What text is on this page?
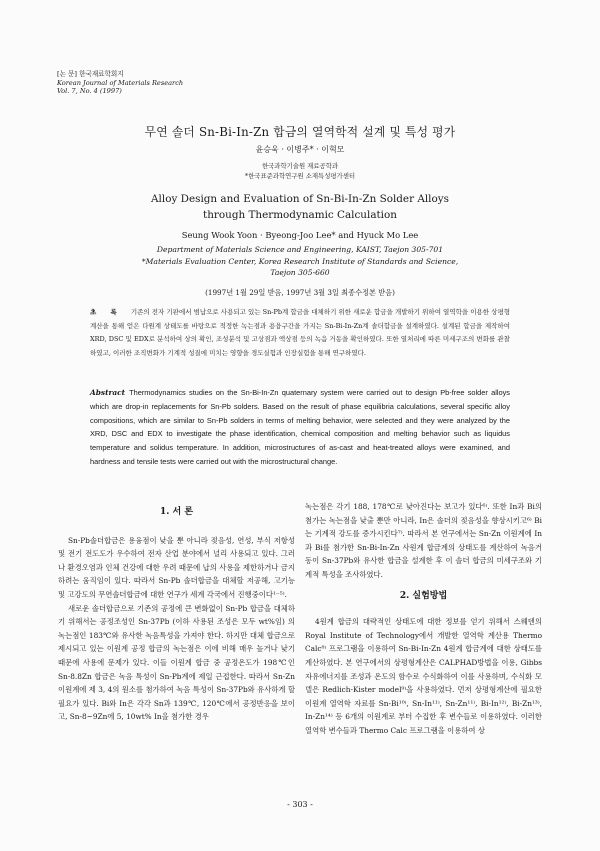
[논 문] 한국재료학회지
Korean Journal of Materials Research
Vol. 7, No. 4 (1997)
무연 솔더 Sn-Bi-In-Zn 합금의 열역학적 설계 및 특성 평가
윤승욱 · 이병주* · 이혁모
한국과학기술원 재료공학과
*한국표준과학연구원 소재특성평가센터
Alloy Design and Evaluation of Sn-Bi-In-Zn Solder Alloys
through Thermodynamic Calculation
Seung Wook Yoon · Byeong-Joo Lee* and Hyuck Mo Lee
Department of Materials Science and Engineering, KAIST, Taejon 305-701
*Materials Evaluation Center, Korea Research Institute of Standards and Science,
Taejon 305-660
(1997년 1월 29일 받음, 1997년 3월 3일 최종수정본 받음)
초 록 기존의 전자 기판에서 범납으로 사용되고 있는 Sn-Pb계 합금을 대체하기 위한 새로운 합금을 개발하기 위하여 열역학을 이용한 상평형계산을 통해 얻은 다원계 상태도를 바탕으로 적정한 녹는점과 용융구간을 가지는 Sn-Bi-In-Zn계 솔더합금을 설계하였다. 설계된 합금을 제작하여 XRD, DSC 및 EDX로 분석하여 상의 확인, 조성분석 및 고상점과 액상점 등의 녹음 거동을 확인하였다. 또한 열처리에 따른 미세구조의 변화를 관찰하였고, 이러한 조직변화가 기계적 성질에 미치는 영향을 경도실험과 인장실험을 통해 연구하였다.
Abstract Thermodynamics studies on the Sn-Bi-In-Zn quaternary system were carried out to design Pb-free solder alloys which are drop-in replacements for Sn-Pb solders. Based on the result of phase equilibria calculations, several specific alloy compositions, which are similar to Sn-Pb solders in terms of melting behavior, were selected and they were analyzed by the XRD, DSC and EDX to investigate the phase identification, chemical composition and melting behavior such as liquidus temperature and solidus temperature. In addition, microstructures of as-cast and heat-treated alloys were examined, and hardness and tensile tests were carried out with the microstructural change.
1. 서 론

Sn-Pb솔더합금은 용융점이 낮을 뿐 아니라 젖음성, 연성, 부식 저항성 및 전기 전도도가 우수하여 전자 산업 분야에서 널리 사용되고 있다. 그러나 환경오염과 인체 건강에 대한 우려 때문에 납의 사용을 제한하거나 금지하려는 움직임이 있다. 따라서 Sn-Pb 솔더합금을 대체할 저공해, 고기능 및 고강도의 무연솔더합금에 대한 연구가 세계 각국에서 진행중이다¹⁻⁵⁾.

새로운 솔더합금으로 기존의 공정에 큰 변화없이 Sn-Pb 합금을 대체하기 위해서는 공정조성인 Sn-37Pb (이하 사용된 조성은 모두 wt%임) 의 녹는점인 183℃와 유사한 녹음특성을 가져야 한다. 하지만 대체 합금으로 제시되고 있는 이원계 공정 합금의 녹는점은 이에 비해 매우 높거나 낮기 때문에 사용에 문제가 있다. 이들 이원계 합금 중 공정온도가 198℃인 Sn-8.8Zn 합금은 녹음 특성이 Sn-Pb계에 제일 근접한다. 따라서 Sn-Zn 이원계에 제 3, 4의 원소를 첨가하여 녹음 특성이 Sn-37Pb와 유사하게 할 필요가 있다. Bi와 In은 각각 Sn과 139℃, 120℃에서 공정반응을 보이고, Sn-8~9Zn에 5, 10wt% In을 첨가한 경우

녹는점은 각기 188, 178℃로 낮아진다는 보고가 있다⁶⁾. 또한 In과 Bi의 첨가는 녹는점을 낮출 뿐만 아니라, In은 솔더의 젖음성을 향상시키고⁶⁾ Bi는 기계적 강도를 증가시킨다⁷⁾. 따라서 본 연구에서는 Sn-Zn 이원계에 In과 Bi를 첨가한 Sn-Bi-In-Zn 사원계 합금계의 상태도를 계산하여 녹음거동이 Sn-37Pb와 유사한 합금을 설계한 후 이 솔더 합금의 미세구조와 기계적 특성을 조사하였다.

2. 실험방법

4원계 합금의 대략적인 상태도에 대한 정보를 얻기 위해서 스웨덴의 Royal Institute of Technology에서 개발한 열역학 계산용 Thermo Calc⁸⁾ 프로그램을 이용하여 Sn-Bi-In-Zn 4원계 합금계에 대한 상태도를 계산하였다. 본 연구에서의 상평형계산은 CALPHAD방법을 이용, Gibbs 자유에너지를 조성과 온도의 함수로 수식화하여 이를 사용하며, 수식화 모델은 Redlich-Kister model⁹⁾을 사용하였다. 먼저 상평형계산에 필요한 이원계 열역학 자료를 Sn-Bi¹⁰⁾, Sn-In¹¹⁾, Sn-Zn¹¹⁾, Bi-In¹²⁾, Bi-Zn¹³⁾, In-Zn¹⁴⁾ 등 6개의 이원계로 부터 수집한 후 변수들로 이용하였다. 이러한 열역학 변수들과 Thermo Calc 프로그램을 이용하여 상

- 303 -
